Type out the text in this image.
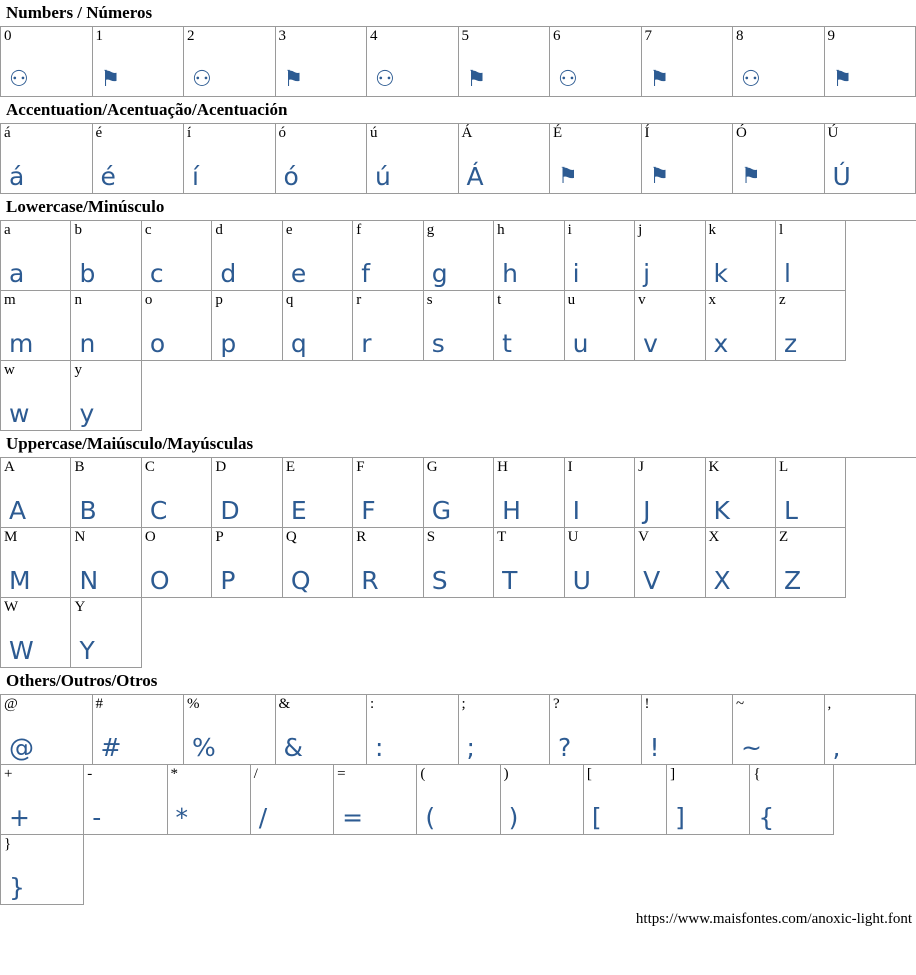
Numbers / Números
0
⚇
1
⚑
2
⚇
3
⚑
4
⚇
5
⚑
6
⚇
7
⚑
8
⚇
9
⚑
Accentuation/Acentuação/Acentuación
á
á
é
é
í
í
ó
ó
ú
ú
Á
Á
É
⚑
Í
⚑
Ó
⚑
Ú
Ú
Lowercase/Minúsculo
a
a
b
b
c
c
d
d
e
e
f
f
g
g
h
h
i
i
j
j
k
k
l
l
m
m
n
n
o
o
p
p
q
q
r
r
s
s
t
t
u
u
v
v
x
x
z
z
w
w
y
y
Uppercase/Maiúsculo/Mayúsculas
A
A
B
B
C
C
D
D
E
E
F
F
G
G
H
H
I
I
J
J
K
K
L
L
M
M
N
N
O
O
P
P
Q
Q
R
R
S
S
T
T
U
U
V
V
X
X
Z
Z
W
W
Y
Y
Others/Outros/Otros
@
@
#
#
%
%
&
&
:
:
;
;
?
?
!
!
~
~
,
,
+
+
-
-
*
*
/
/
=
=
(
(
)
)
[
[
]
]
{
{
}
}
https://www.maisfontes.com/anoxic-light.font
